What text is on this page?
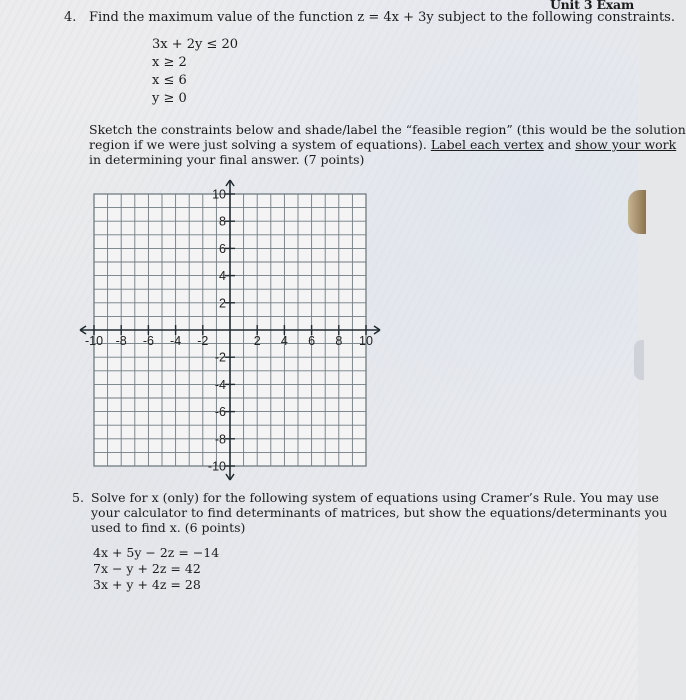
Unit 3 Exam
4. Find the maximum value of the function z = 4x + 3y subject to the following constraints.
3x + 2y ≤ 20
x ≥ 2
x ≤ 6
y ≥ 0
Sketch the constraints below and shade/label the “feasible region” (this would be the solution
region if we were just solving a system of equations). Label each vertex and show your work
in determining your final answer. (7 points)
-10 -8 -6 -4 -2	2 4 6 8 10
10
8
6
4
2
-2
-4
-6
-8
-10
5. Solve for x (only) for the following system of equations using Cramer’s Rule. You may use
your calculator to find determinants of matrices, but show the equations/determinants you
used to find x. (6 points)
4x + 5y − 2z = −14
7x − y + 2z = 42
3x + y + 4z = 28
